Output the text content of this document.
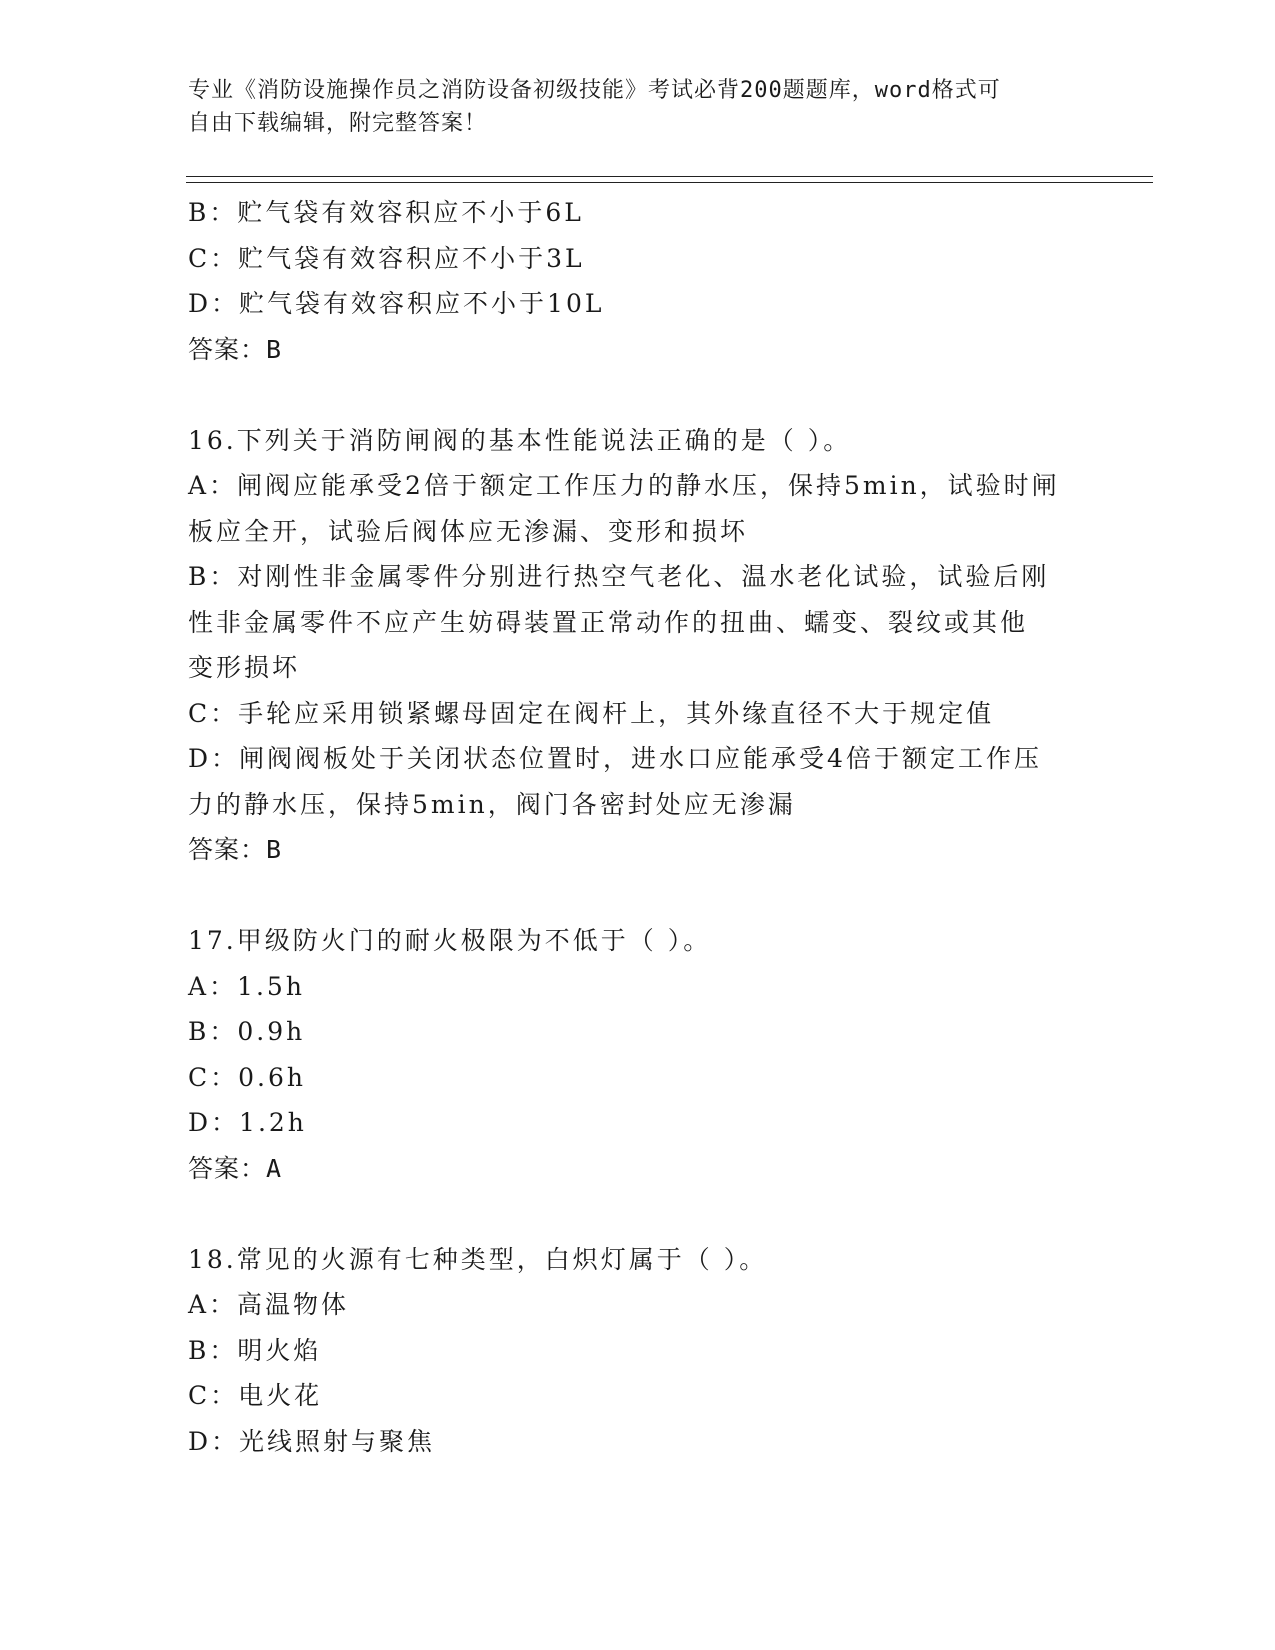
专业《消防设施操作员之消防设备初级技能》考试必背200题题库，word格式可
自由下载编辑，附完整答案！

B：贮气袋有效容积应不小于6L

C：贮气袋有效容积应不小于3L

D：贮气袋有效容积应不小于10L

答案：B

16.下列关于消防闸阀的基本性能说法正确的是（ ）。

A：闸阀应能承受2倍于额定工作压力的静水压，保持5min，试验时闸

板应全开，试验后阀体应无渗漏、变形和损坏

B：对刚性非金属零件分别进行热空气老化、温水老化试验，试验后刚

性非金属零件不应产生妨碍装置正常动作的扭曲、蠕变、裂纹或其他

变形损坏

C：手轮应采用锁紧螺母固定在阀杆上，其外缘直径不大于规定值

D：闸阀阀板处于关闭状态位置时，进水口应能承受4倍于额定工作压

力的静水压，保持5min，阀门各密封处应无渗漏

答案：B

17.甲级防火门的耐火极限为不低于（ ）。

A：1.5h

B：0.9h

C：0.6h

D：1.2h

答案：A

18.常见的火源有七种类型，白炽灯属于（ ）。

A：高温物体

B：明火焰

C：电火花

D：光线照射与聚焦
